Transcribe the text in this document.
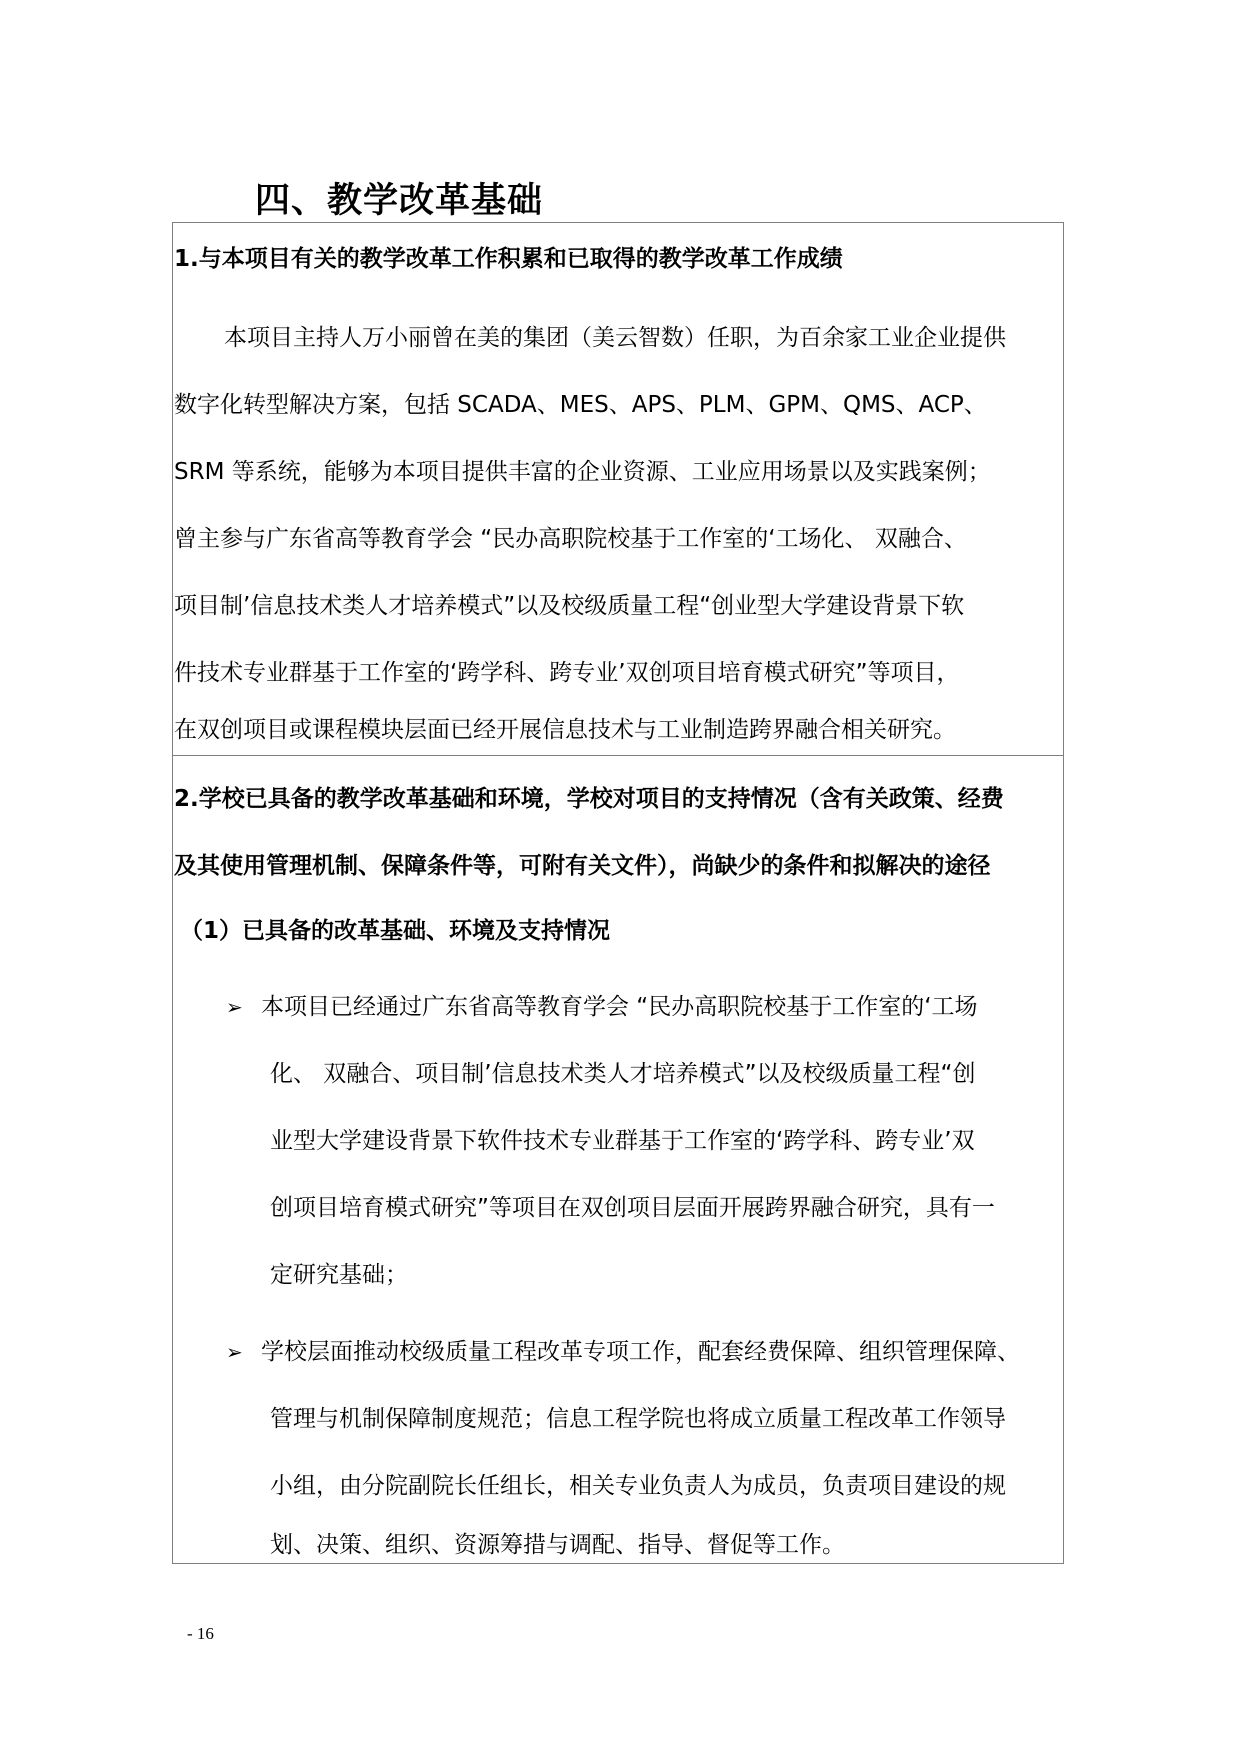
四、教学改革基础
1.与本项目有关的教学改革工作积累和已取得的教学改革工作成绩
本项目主持人万小丽曾在美的集团（美云智数）任职，为百余家工业企业提供
数字化转型解决方案，包括 SCADA、MES、APS、PLM、GPM、QMS、ACP、
SRM 等系统，能够为本项目提供丰富的企业资源、工业应用场景以及实践案例；
曾主参与广东省高等教育学会 “民办高职院校基于工作室的‘工场化、 双融合、
项目制’信息技术类人才培养模式”以及校级质量工程“创业型大学建设背景下软
件技术专业群基于工作室的‘跨学科、跨专业’双创项目培育模式研究”等项目，
在双创项目或课程模块层面已经开展信息技术与工业制造跨界融合相关研究。
2.学校已具备的教学改革基础和环境，学校对项目的支持情况（含有关政策、经费
及其使用管理机制、保障条件等，可附有关文件），尚缺少的条件和拟解决的途径
（1）已具备的改革基础、环境及支持情况
➢ 本项目已经通过广东省高等教育学会 “民办高职院校基于工作室的‘工场
化、 双融合、项目制’信息技术类人才培养模式”以及校级质量工程“创
业型大学建设背景下软件技术专业群基于工作室的‘跨学科、跨专业’双
创项目培育模式研究”等项目在双创项目层面开展跨界融合研究，具有一
定研究基础；
➢ 学校层面推动校级质量工程改革专项工作，配套经费保障、组织管理保障、
管理与机制保障制度规范；信息工程学院也将成立质量工程改革工作领导
小组，由分院副院长任组长，相关专业负责人为成员，负责项目建设的规
划、决策、组织、资源筹措与调配、指导、督促等工作。
- 16
